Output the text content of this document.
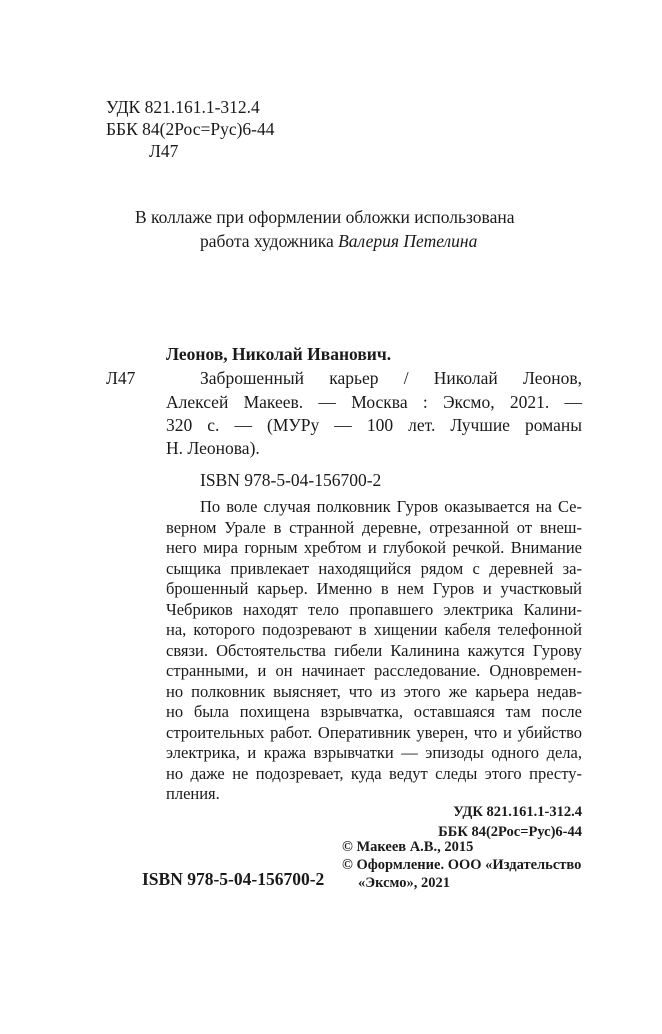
УДК 821.161.1-312.4
ББК 84(2Рос=Рус)6-44
Л47
В коллаже при оформлении обложки использована
работа художника Валерия Петелина
Леонов, Николай Иванович.
Л47	Заброшенный карьер / Николай Леонов,
Алексей Макеев. — Москва : Эксмо, 2021. —
320 с. — (МУРу — 100 лет. Лучшие романы
Н. Леонова).
ISBN 978-5-04-156700-2
По воле случая полковник Гуров оказывается на Се-
верном Урале в странной деревне, отрезанной от внеш-
него мира горным хребтом и глубокой речкой. Внимание
сыщика привлекает находящийся рядом с деревней за-
брошенный карьер. Именно в нем Гуров и участковый
Чебриков находят тело пропавшего электрика Калини-
на, которого подозревают в хищении кабеля телефонной
связи. Обстоятельства гибели Калинина кажутся Гурову
странными, и он начинает расследование. Одновремен-
но полковник выясняет, что из этого же карьера недав-
но была похищена взрывчатка, оставшаяся там после
строительных работ. Оперативник уверен, что и убийство
электрика, и кража взрывчатки — эпизоды одного дела,
но даже не подозревает, куда ведут следы этого престу-
пления.
УДК 821.161.1-312.4
ББК 84(2Рос=Рус)6-44
ISBN 978-5-04-156700-2
© Макеев А.В., 2015
© Оформление. ООО «Издательство
«Эксмо», 2021
